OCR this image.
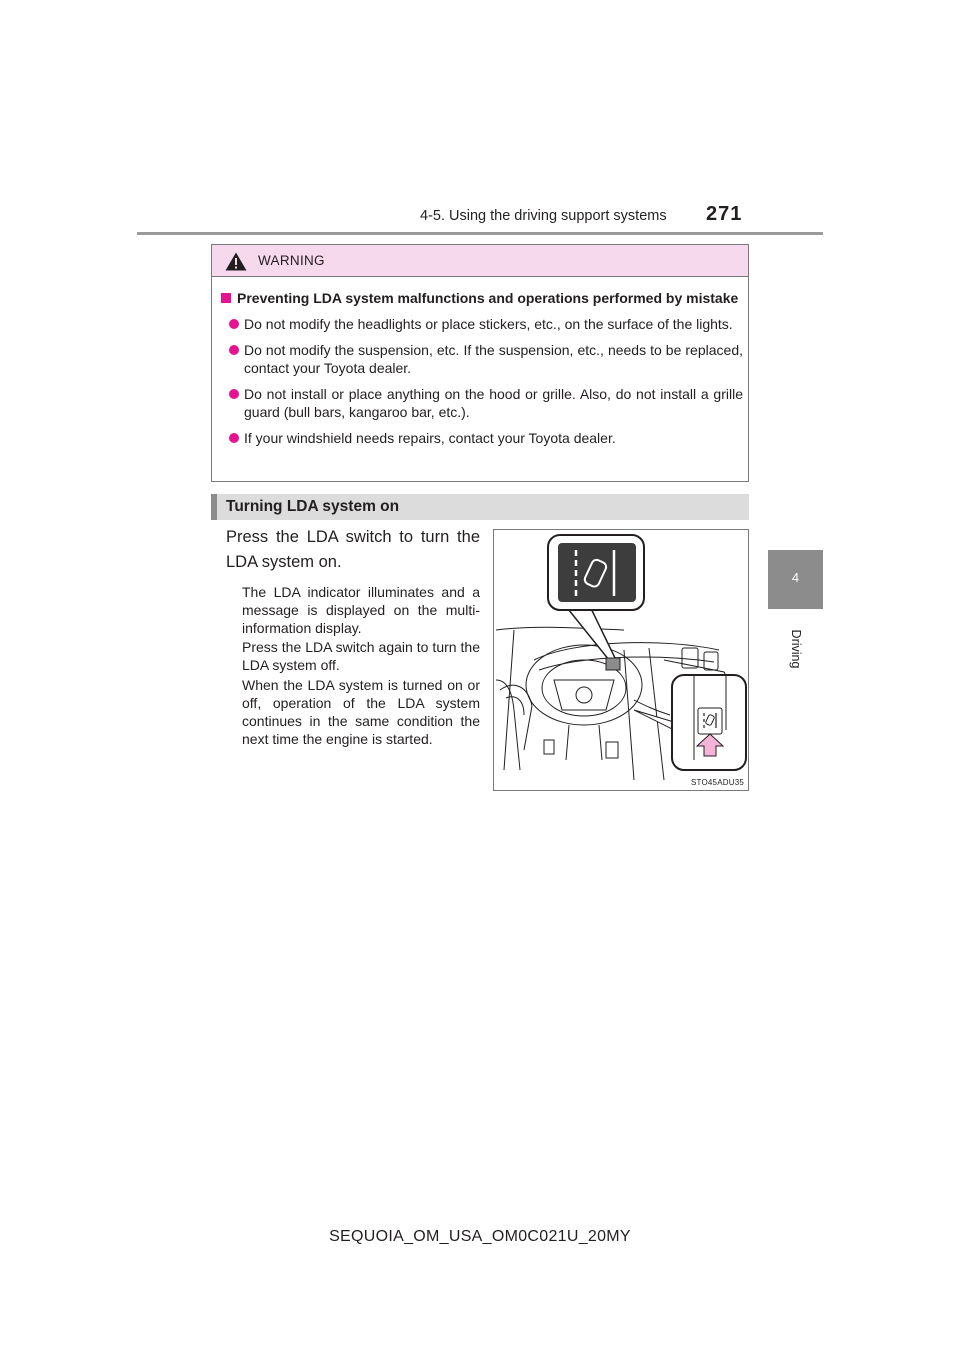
4-5. Using the driving support systems 271
4
Driving
WARNING
Preventing LDA system malfunctions and operations performed by mistake
Do not modify the headlights or place stickers, etc., on the surface of the lights.
Do not modify the suspension, etc. If the suspension, etc., needs to be replaced, contact your Toyota dealer.
Do not install or place anything on the hood or grille. Also, do not install a grille guard (bull bars, kangaroo bar, etc.).
If your windshield needs repairs, contact your Toyota dealer.
Turning LDA system on
Press the LDA switch to turn the LDA system on.
The LDA indicator illuminates and a message is displayed on the multi-information display.
Press the LDA switch again to turn the LDA system off.
When the LDA system is turned on or off, operation of the LDA system continues in the same condition the next time the engine is started.
STO45ADU35
SEQUOIA_OM_USA_OM0C021U_20MY
